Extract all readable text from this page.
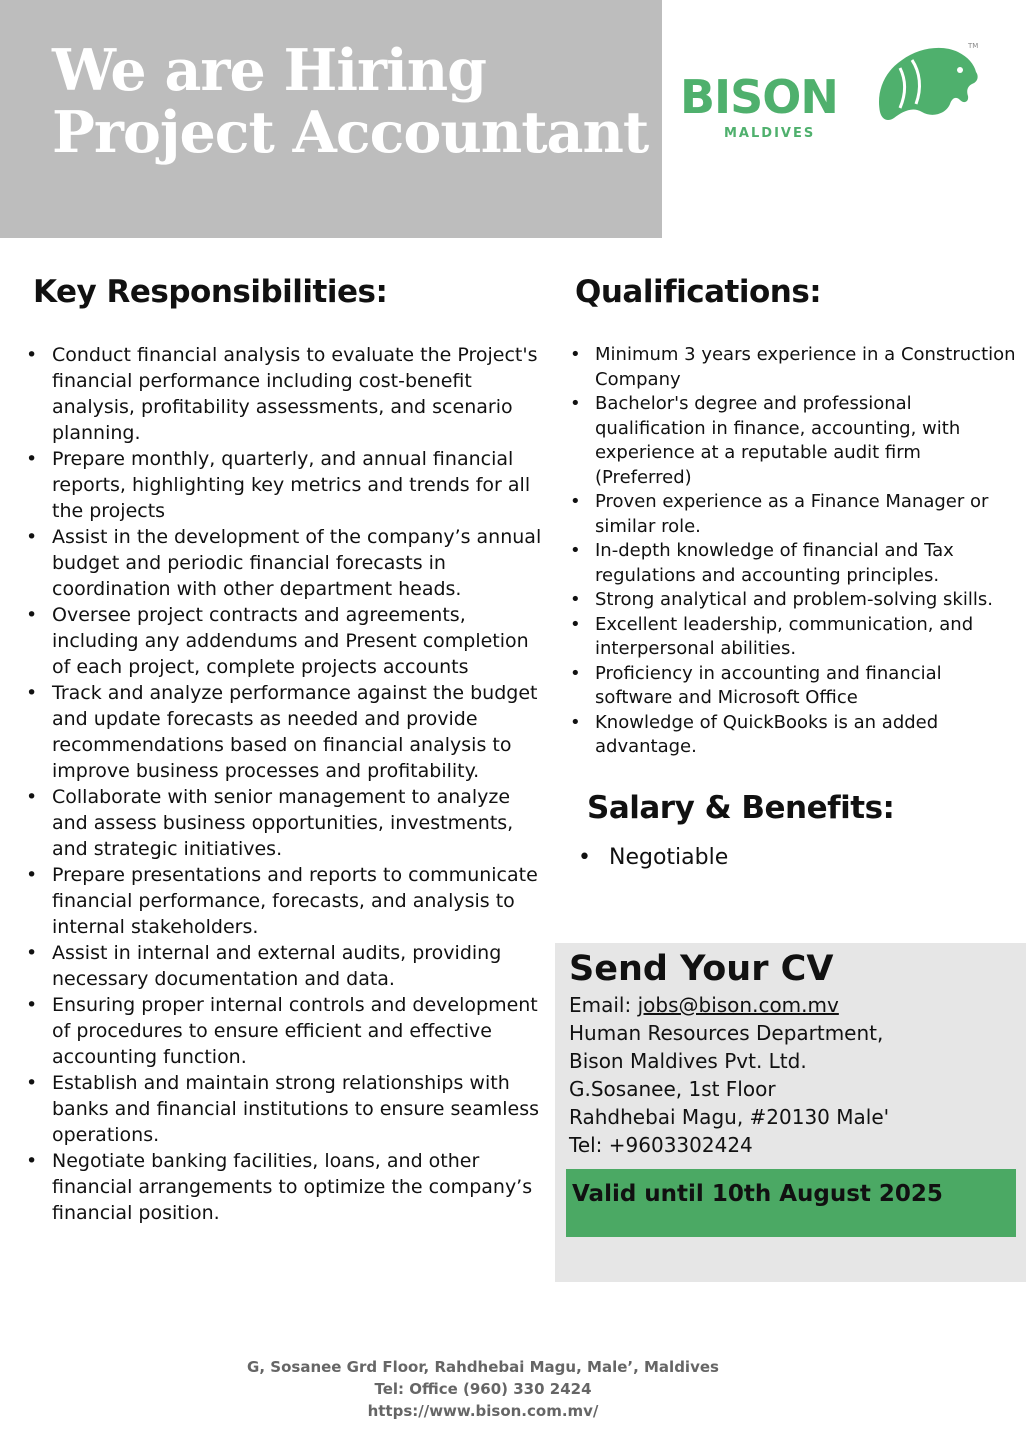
We are Hiring
Project Accountant
TM
BISON
MALDIVES
Key Responsibilities:
• Conduct financial analysis to evaluate the Project's financial performance including cost-benefit analysis, profitability assessments, and scenario planning.
• Prepare monthly, quarterly, and annual financial reports, highlighting key metrics and trends for all the projects
• Assist in the development of the company’s annual budget and periodic financial forecasts in coordination with other department heads.
• Oversee project contracts and agreements, including any addendums and Present completion of each project, complete projects accounts
• Track and analyze performance against the budget and update forecasts as needed and provide recommendations based on financial analysis to improve business processes and profitability.
• Collaborate with senior management to analyze and assess business opportunities, investments, and strategic initiatives.
• Prepare presentations and reports to communicate financial performance, forecasts, and analysis to internal stakeholders.
• Assist in internal and external audits, providing necessary documentation and data.
• Ensuring proper internal controls and development of procedures to ensure efficient and effective accounting function.
• Establish and maintain strong relationships with banks and financial institutions to ensure seamless operations.
• Negotiate banking facilities, loans, and other financial arrangements to optimize the company’s financial position.
Qualifications:
• Minimum 3 years experience in a Construction Company
• Bachelor's degree and professional qualification in finance, accounting, with experience at a reputable audit firm (Preferred)
• Proven experience as a Finance Manager or similar role.
• In-depth knowledge of financial and Tax regulations and accounting principles.
• Strong analytical and problem-solving skills.
• Excellent leadership, communication, and interpersonal abilities.
• Proficiency in accounting and financial software and Microsoft Office
• Knowledge of QuickBooks is an added advantage.
Salary & Benefits:
• Negotiable
Send Your CV
Email: jobs@bison.com.mv
Human Resources Department,
Bison Maldives Pvt. Ltd.
G.Sosanee, 1st Floor
Rahdhebai Magu, #20130 Male'
Tel: +9603302424
Valid until 10th August 2025
G, Sosanee Grd Floor, Rahdhebai Magu, Male’, Maldives
Tel: Office (960) 330 2424
https://www.bison.com.mv/
